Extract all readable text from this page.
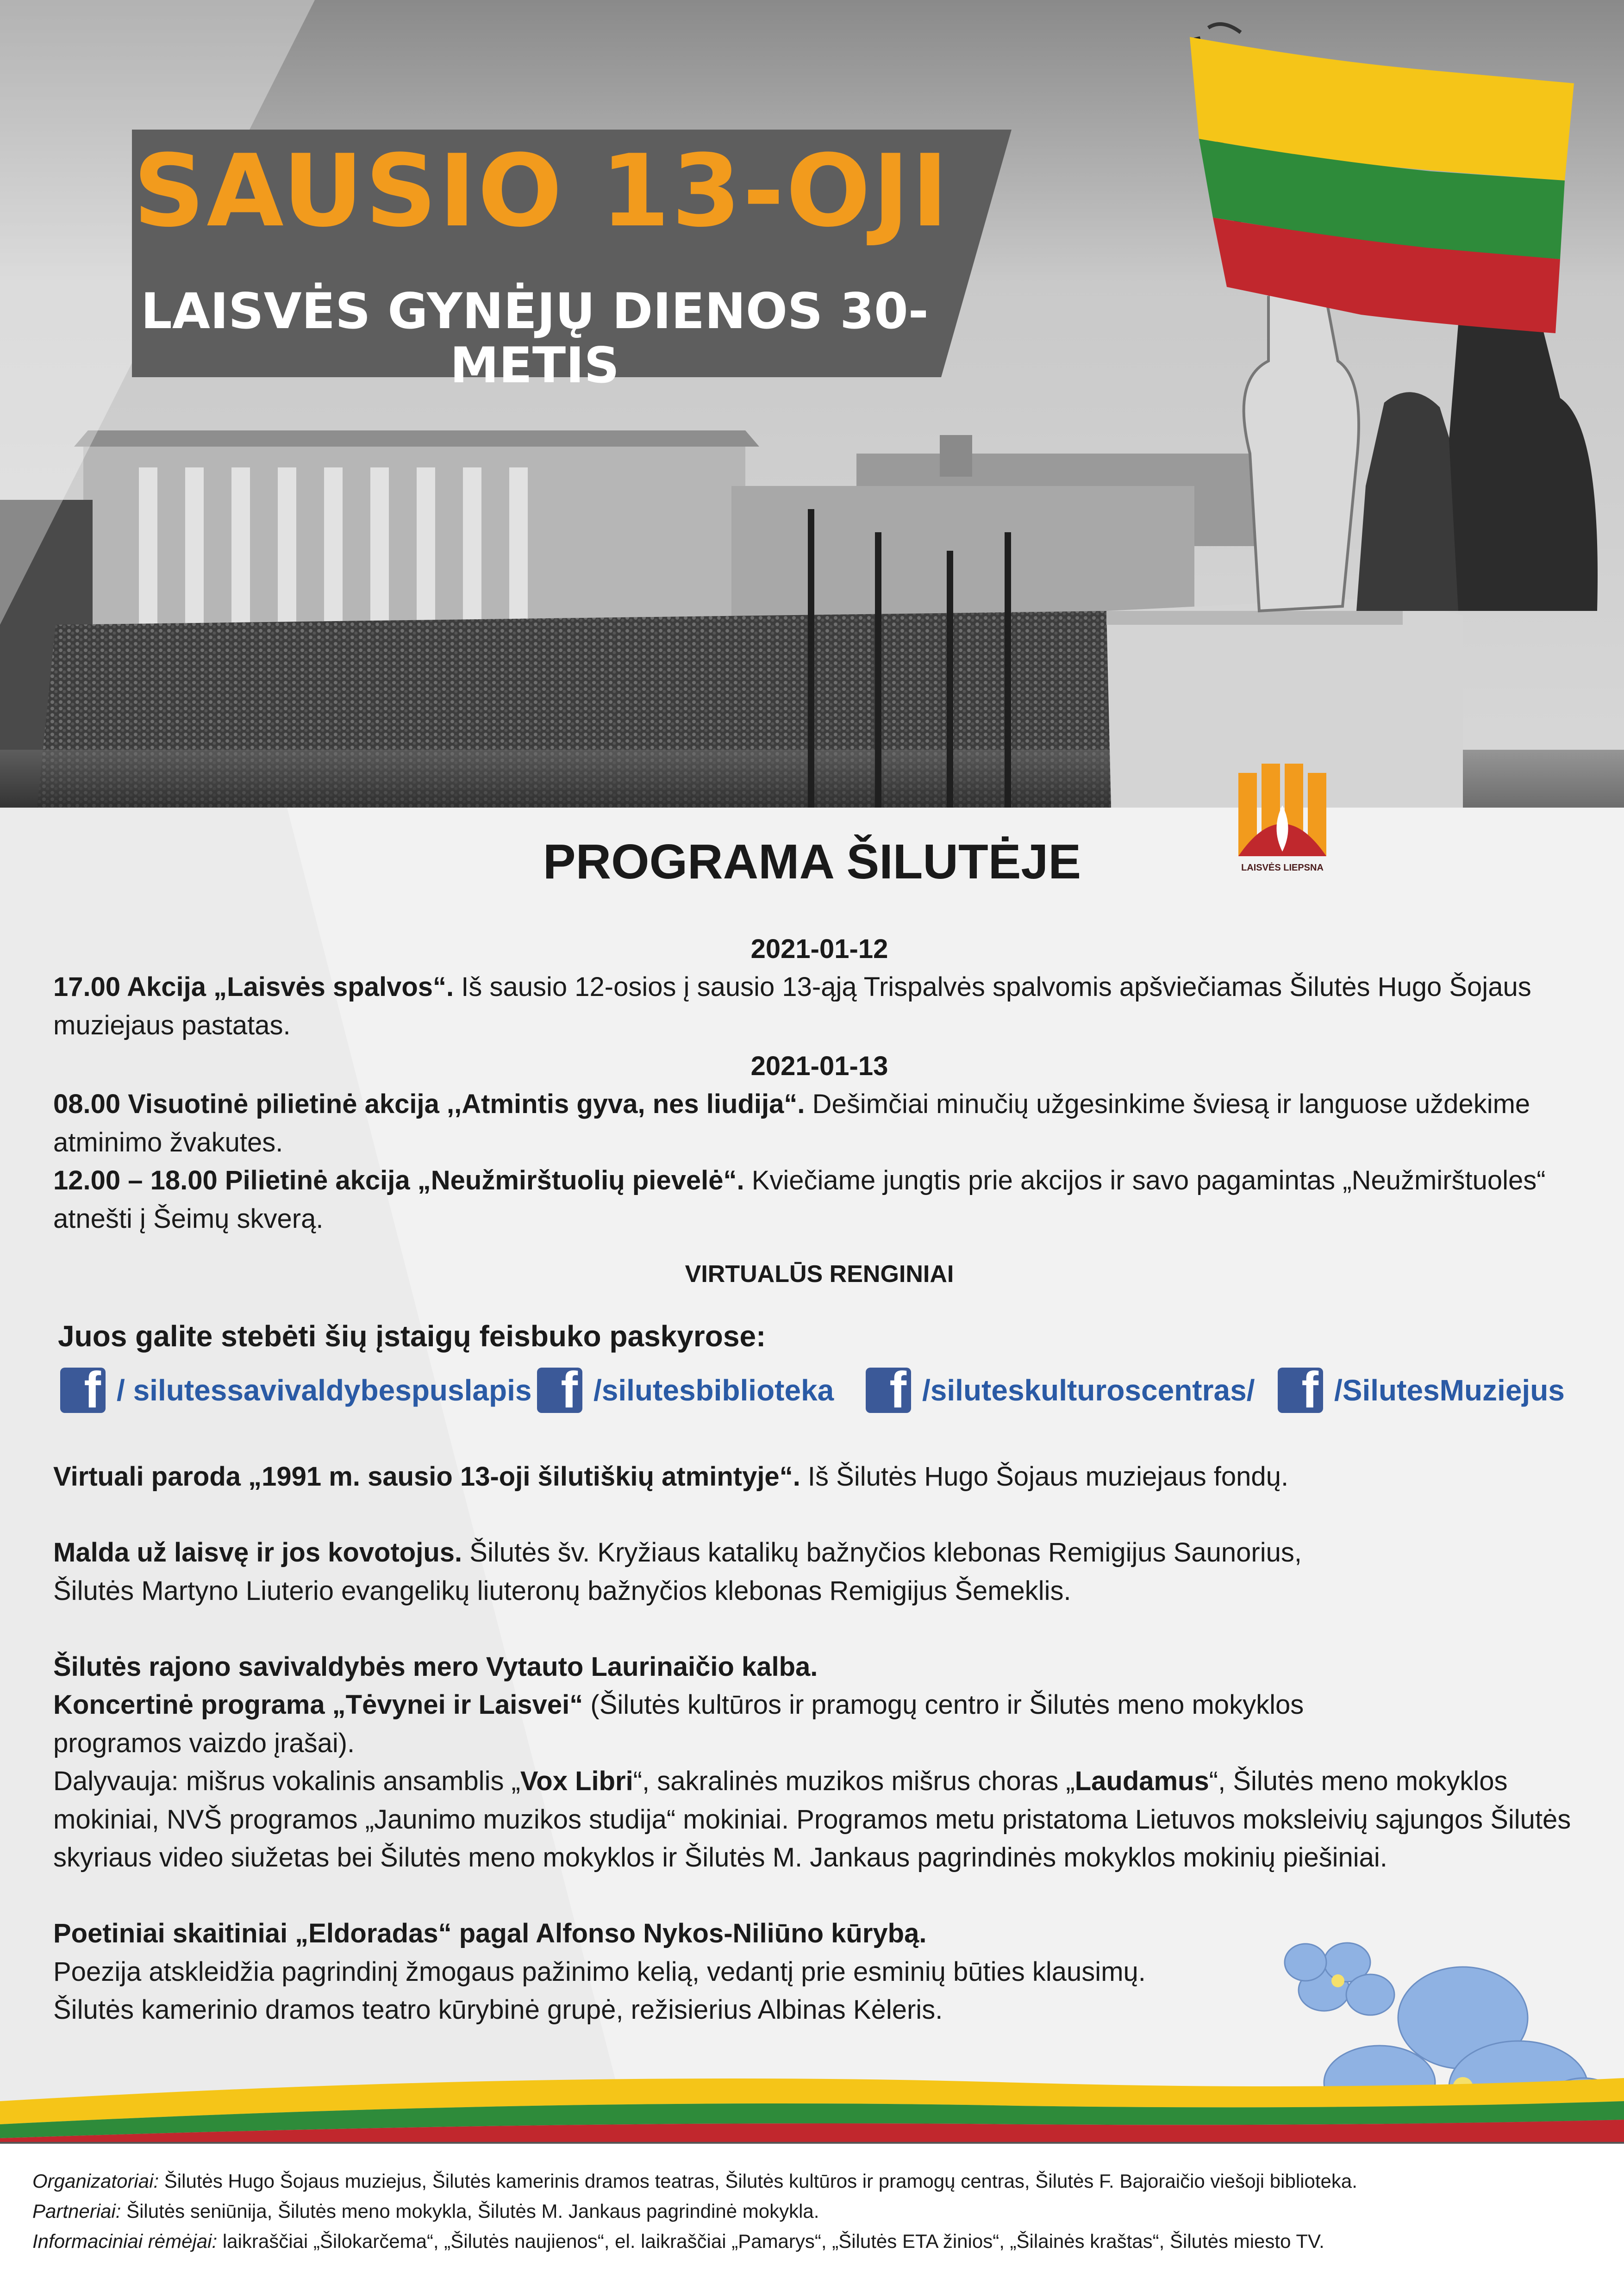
SAUSIO 13-OJI
LAISVĖS GYNĖJŲ DIENOS 30-METIS
LAISVĖS LIEPSNA
PROGRAMA ŠILUTĖJE

2021-01-12

17.00 Akcija „Laisvės spalvos“. Iš sausio 12-osios į sausio 13-ąją Trispalvės spalvomis apšviečiamas Šilutės Hugo Šojaus muziejaus pastatas.

2021-01-13

08.00 Visuotinė pilietinė akcija ,,Atmintis gyva, nes liudija“. Dešimčiai minučių užgesinkime šviesą ir languose uždekime atminimo žvakutes.

12.00 – 18.00 Pilietinė akcija „Neužmirštuolių pievelė“. Kviečiame jungtis prie akcijos ir savo pagamintas „Neužmirštuoles“ atnešti į Šeimų skverą.

VIRTUALŪS RENGINIAI

Juos galite stebėti šių įstaigų feisbuko paskyrose:
f / silutessavivaldybespuslapis f /silutesbiblioteka f /siluteskulturoscentras/ f /SilutesMuziejus

Virtuali paroda „1991 m. sausio 13-oji šilutiškių atmintyje“. Iš Šilutės Hugo Šojaus muziejaus fondų.

Malda už laisvę ir jos kovotojus. Šilutės šv. Kryžiaus katalikų bažnyčios klebonas Remigijus Saunorius,

Šilutės Martyno Liuterio evangelikų liuteronų bažnyčios klebonas Remigijus Šemeklis.

Šilutės rajono savivaldybės mero Vytauto Laurinaičio kalba.

Koncertinė programa „Tėvynei ir Laisvei“ (Šilutės kultūros ir pramogų centro ir Šilutės meno mokyklos

programos vaizdo įrašai).

Dalyvauja: mišrus vokalinis ansamblis „Vox Libri“, sakralinės muzikos mišrus choras „Laudamus“, Šilutės meno mokyklos mokiniai, NVŠ programos „Jaunimo muzikos studija“ mokiniai. Programos metu pristatoma Lietuvos moksleivių sąjungos Šilutės skyriaus video siužetas bei Šilutės meno mokyklos ir Šilutės M. Jankaus pagrindinės mokyklos mokinių piešiniai.

Poetiniai skaitiniai „Eldoradas“ pagal Alfonso Nykos-Niliūno kūrybą.

Poezija atskleidžia pagrindinį žmogaus pažinimo kelią, vedantį prie esminių būties klausimų.

Šilutės kamerinio dramos teatro kūrybinė grupė, režisierius Albinas Kėleris.

Organizatoriai: Šilutės Hugo Šojaus muziejus, Šilutės kamerinis dramos teatras, Šilutės kultūros ir pramogų centras, Šilutės F. Bajoraičio viešoji biblioteka.
Partneriai: Šilutės seniūnija, Šilutės meno mokykla, Šilutės M. Jankaus pagrindinė mokykla.
Informaciniai rėmėjai: laikraščiai „Šilokarčema“, „Šilutės naujienos“, el. laikraščiai „Pamarys“, „Šilutės ETA žinios“, „Šilainės kraštas“, Šilutės miesto TV.
